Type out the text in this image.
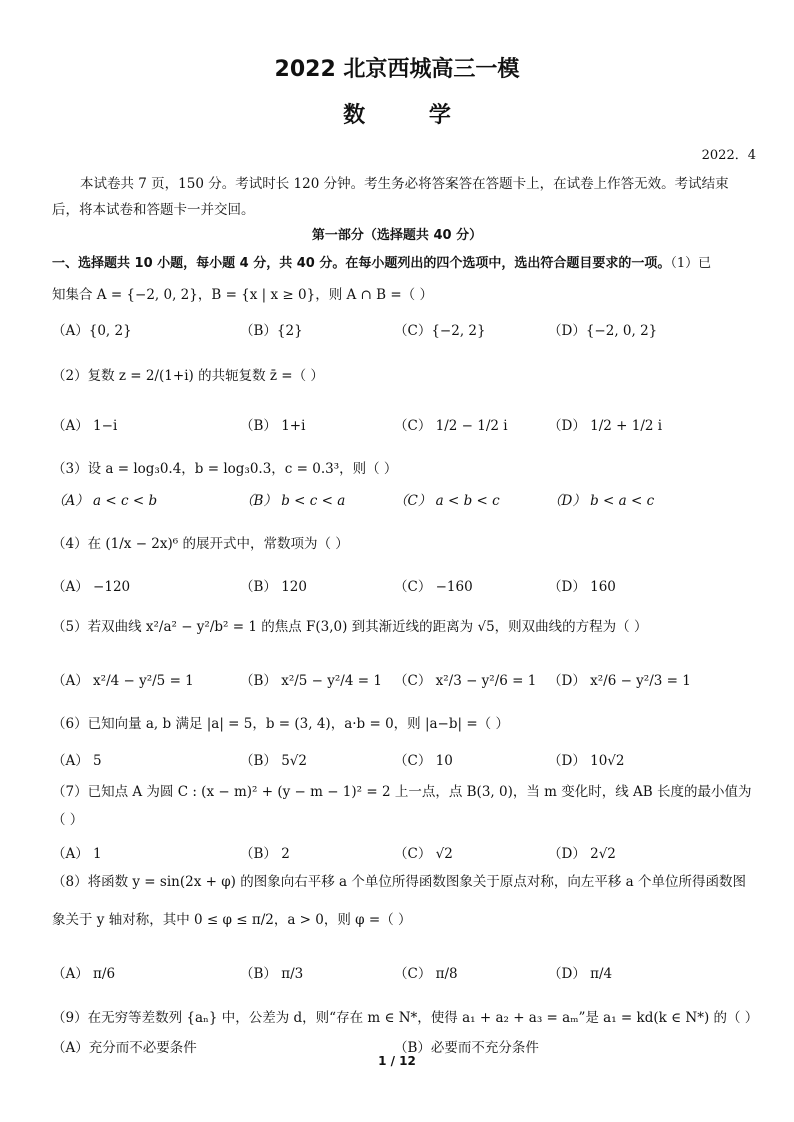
2022 北京西城高三一模
数 学
2022．4
本试卷共 7 页，150 分。考试时长 120 分钟。考生务必将答案答在答题卡上，在试卷上作答无效。考试结束
后，将本试卷和答题卡一并交回。
第一部分（选择题共 40 分）
一、选择题共 10 小题，每小题 4 分，共 40 分。在每小题列出的四个选项中，选出符合题目要求的一项。（1）已
知集合 A = {−2, 0, 2}，B = {x | x ≥ 0}，则 A ∩ B =（ ）
（A）{0, 2}	（B）{2}	（C）{−2, 2}	（D）{−2, 0, 2}
（2）复数 z = 2/(1+i) 的共轭复数 z̄ =（ ）
（A） 1−i	（B） 1+i	（C） 1/2 − 1/2 i	（D） 1/2 + 1/2 i
（3）设 a = log₃0.4，b = log₃0.3，c = 0.3³，则（ ）
（A） a < c < b	（B） b < c < a	（C） a < b < c	（D） b < a < c
（4）在 (1/x − 2x)⁶ 的展开式中，常数项为（ ）
（A） −120	（B） 120	（C） −160	（D） 160
（5）若双曲线 x²/a² − y²/b² = 1 的焦点 F(3,0) 到其渐近线的距离为 √5，则双曲线的方程为（ ）
（A） x²/4 − y²/5 = 1	（B） x²/5 − y²/4 = 1 （C） x²/3 − y²/6 = 1 （D） x²/6 − y²/3 = 1
（6）已知向量 a, b 满足 |a| = 5，b = (3, 4)，a·b = 0，则 |a−b| =（ ）
（A） 5	（B） 5√2	（C） 10	（D） 10√2
（7）已知点 A 为圆 C : (x − m)² + (y − m − 1)² = 2 上一点，点 B(3, 0)，当 m 变化时，线 AB 长度的最小值为
（ ）
（A） 1	（B） 2	（C） √2	（D） 2√2
（8）将函数 y = sin(2x + φ) 的图象向右平移 a 个单位所得函数图象关于原点对称，向左平移 a 个单位所得函数图
象关于 y 轴对称，其中 0 ≤ φ ≤ π/2，a > 0，则 φ =（ ）
（A） π/6	（B） π/3	（C） π/8	（D） π/4
（9）在无穷等差数列 {aₙ} 中，公差为 d，则“存在 m ∈ N*，使得 a₁ + a₂ + a₃ = aₘ”是 a₁ = kd(k ∈ N*) 的（ ）
（A）充分而不必要条件	（B）必要而不充分条件
1 / 12
